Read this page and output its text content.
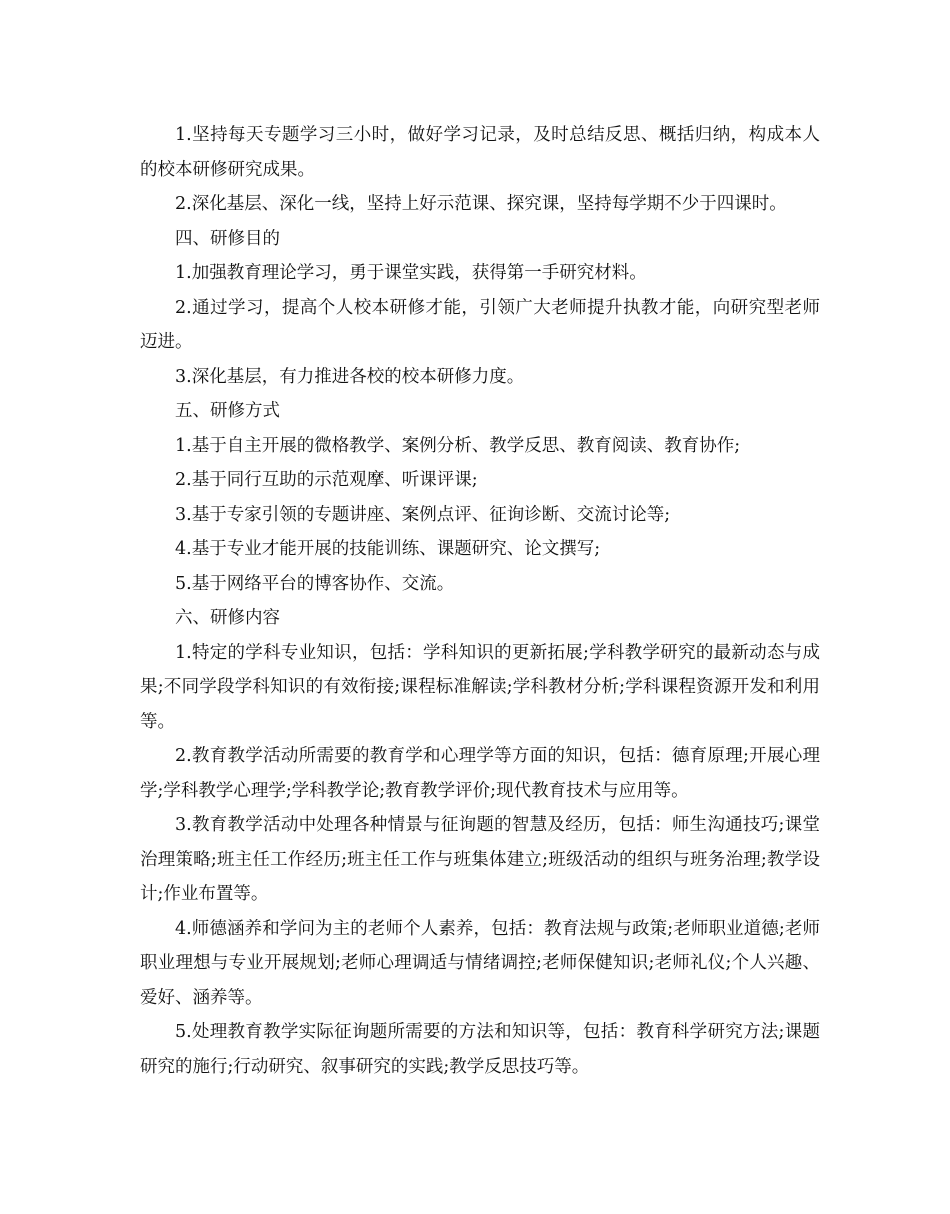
1.坚持每天专题学习三小时，做好学习记录，及时总结反思、概括归纳，构成本人的校本研修研究成果。

2.深化基层、深化一线，坚持上好示范课、探究课，坚持每学期不少于四课时。

四、研修目的

1.加强教育理论学习，勇于课堂实践，获得第一手研究材料。

2.通过学习，提高个人校本研修才能，引领广大老师提升执教才能，向研究型老师迈进。

3.深化基层，有力推进各校的校本研修力度。

五、研修方式

1.基于自主开展的微格教学、案例分析、教学反思、教育阅读、教育协作;

2.基于同行互助的示范观摩、听课评课;

3.基于专家引领的专题讲座、案例点评、征询诊断、交流讨论等;

4.基于专业才能开展的技能训练、课题研究、论文撰写;

5.基于网络平台的博客协作、交流。

六、研修内容

1.特定的学科专业知识，包括：学科知识的更新拓展;学科教学研究的最新动态与成果;不同学段学科知识的有效衔接;课程标准解读;学科教材分析;学科课程资源开发和利用等。

2.教育教学活动所需要的教育学和心理学等方面的知识，包括：德育原理;开展心理学;学科教学心理学;学科教学论;教育教学评价;现代教育技术与应用等。

3.教育教学活动中处理各种情景与征询题的智慧及经历，包括：师生沟通技巧;课堂治理策略;班主任工作经历;班主任工作与班集体建立;班级活动的组织与班务治理;教学设计;作业布置等。

4.师德涵养和学问为主的老师个人素养，包括：教育法规与政策;老师职业道德;老师职业理想与专业开展规划;老师心理调适与情绪调控;老师保健知识;老师礼仪;个人兴趣、爱好、涵养等。

5.处理教育教学实际征询题所需要的方法和知识等，包括：教育科学研究方法;课题研究的施行;行动研究、叙事研究的实践;教学反思技巧等。
